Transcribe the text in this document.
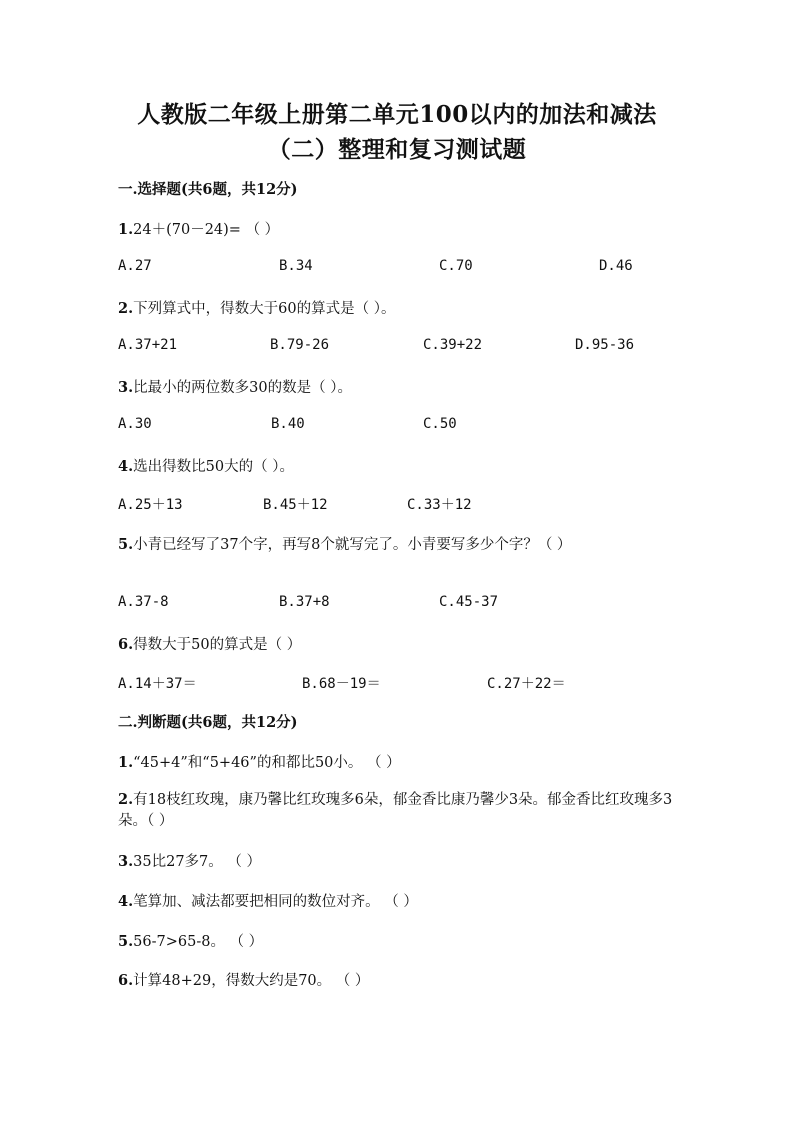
人教版二年级上册第二单元100以内的加法和减法
（二）整理和复习测试题
一.选择题(共6题，共12分)
1.24＋(70－24)= （ ）
A.27	B.34	C.70	D.46
2.下列算式中，得数大于60的算式是（ ）。
A.37+21	B.79-26	C.39+22	D.95-36
3.比最小的两位数多30的数是（ ）。
A.30	B.40	C.50
4.选出得数比50大的（ ）。
A.25＋13	B.45＋12	C.33＋12
5.小青已经写了37个字，再写8个就写完了。小青要写多少个字？（ ）
A.37-8	B.37+8	C.45-37
6.得数大于50的算式是（ ）
A.14＋37＝	B.68－19＝	C.27＋22＝
二.判断题(共6题，共12分)
1.“45+4”和“5+46”的和都比50小。 （ ）
2.有18枝红玫瑰，康乃馨比红玫瑰多6朵，郁金香比康乃馨少3朵。郁金香比红玫瑰多3朵。（ ）
3.35比27多7。 （ ）
4.笔算加、减法都要把相同的数位对齐。 （ ）
5.56-7>65-8。 （ ）
6.计算48+29，得数大约是70。 （ ）
